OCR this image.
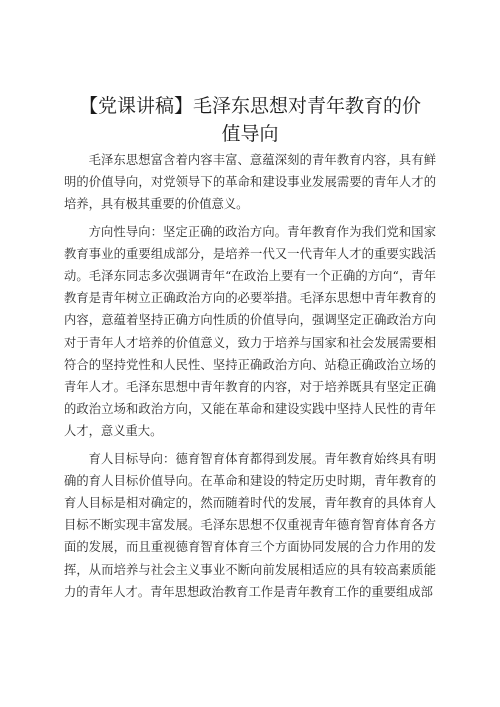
【党课讲稿】毛泽东思想对青年教育的价值导向

毛泽东思想富含着内容丰富、意蕴深刻的青年教育内容，具有鲜明的价值导向，对党领导下的革命和建设事业发展需要的青年人才的培养，具有极其重要的价值意义。

方向性导向：坚定正确的政治方向。青年教育作为我们党和国家教育事业的重要组成部分，是培养一代又一代青年人才的重要实践活动。毛泽东同志多次强调青年“在政治上要有一个正确的方向“，青年教育是青年树立正确政治方向的必要举措。毛泽东思想中青年教育的内容，意蕴着坚持正确方向性质的价值导向，强调坚定正确政治方向对于青年人才培养的价值意义，致力于培养与国家和社会发展需要相符合的坚持党性和人民性、坚持正确政治方向、站稳正确政治立场的青年人才。毛泽东思想中青年教育的内容，对于培养既具有坚定正确的政治立场和政治方向，又能在革命和建设实践中坚持人民性的青年人才，意义重大。

育人目标导向：德育智育体育都得到发展。青年教育始终具有明确的育人目标价值导向。在革命和建设的特定历史时期，青年教育的育人目标是相对确定的，然而随着时代的发展，青年教育的具体育人目标不断实现丰富发展。毛泽东思想不仅重视青年德育智育体育各方面的发展，而且重视德育智育体育三个方面协同发展的合力作用的发挥，从而培养与社会主义事业不断向前发展相适应的具有较高素质能力的青年人才。青年思想政治教育工作是青年教育工作的重要组成部
